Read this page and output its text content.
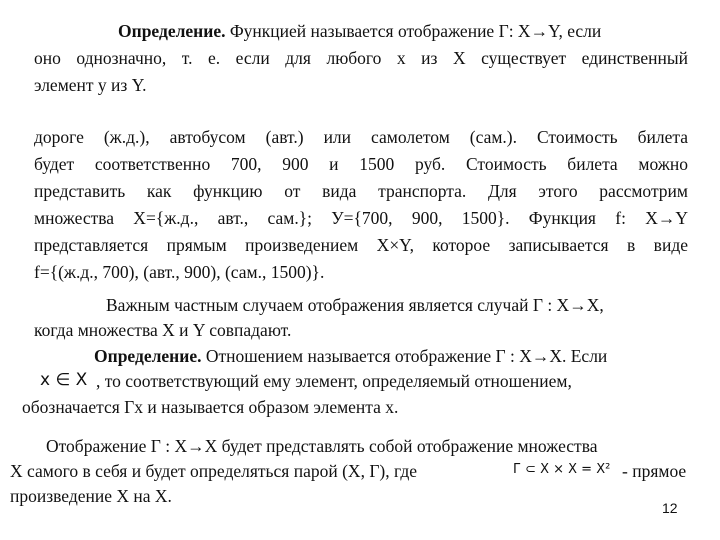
Определение. Функцией называется отображение Г: X→Y, если
оно однозначно, т. е. если для любого x из X существует единственный
элемент y из Y.
дороге (ж.д.), автобусом (авт.) или самолетом (сам.). Стоимость билета
будет соответственно 700, 900 и 1500 руб. Стоимость билета можно
представить как функцию от вида транспорта. Для этого рассмотрим
множества X={ж.д., авт., сам.}; У={700, 900, 1500}. Функция f: X→Y
представляется прямым произведением X×Y, которое записывается в виде
f={(ж.д., 700), (авт., 900), (сам., 1500)}.
Важным частным случаем отображения является случай Г : X→X,
когда множества X и Y совпадают.
Определение. Отношением называется отображение Г : X→X. Если
x ∈ X , то соответствующий ему элемент, определяемый отношением,
обозначается Гx и называется образом элемента x.
Отображение Г : X→X будет представлять собой отображение множества
X самого в себя и будет определяться парой (X, Г), где	Г ⊂ X × X = X² - прямое
произведение X на X.
12
